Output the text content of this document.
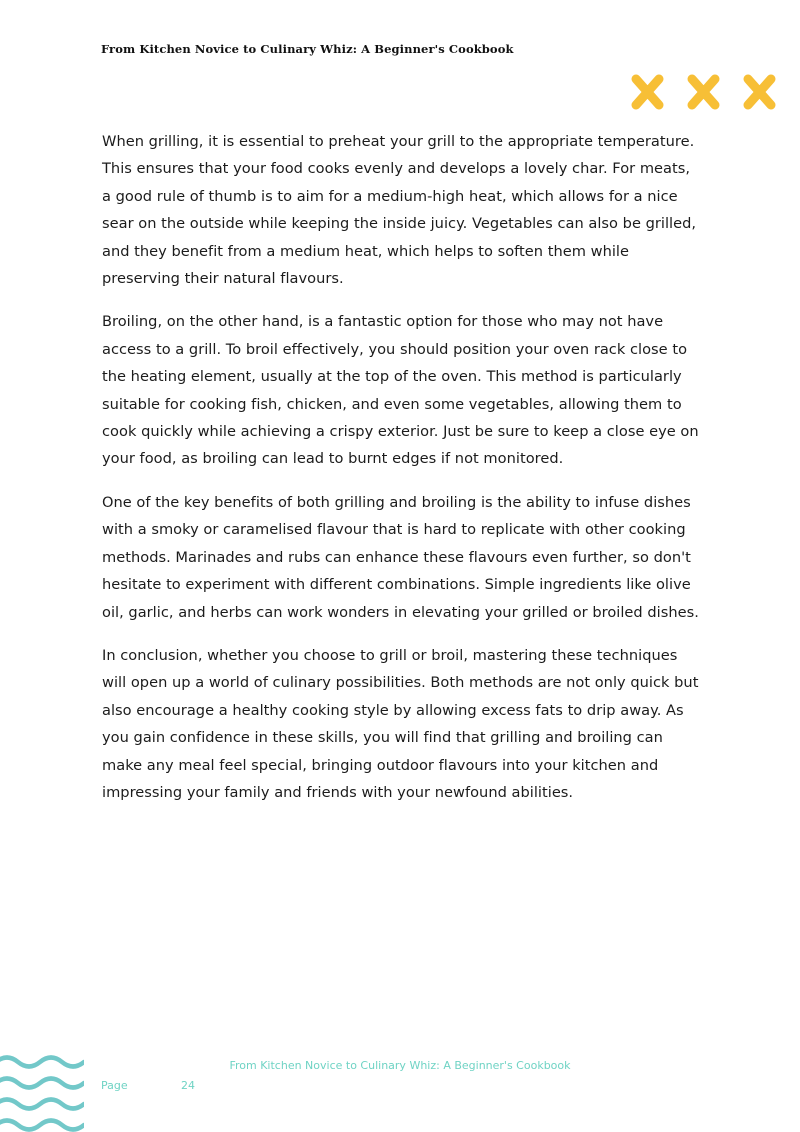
From Kitchen Novice to Culinary Whiz: A Beginner's Cookbook

When grilling, it is essential to preheat your grill to the appropriate temperature. This ensures that your food cooks evenly and develops a lovely char. For meats, a good rule of thumb is to aim for a medium-high heat, which allows for a nice sear on the outside while keeping the inside juicy. Vegetables can also be grilled, and they benefit from a medium heat, which helps to soften them while preserving their natural flavours.

Broiling, on the other hand, is a fantastic option for those who may not have access to a grill. To broil effectively, you should position your oven rack close to the heating element, usually at the top of the oven. This method is particularly suitable for cooking fish, chicken, and even some vegetables, allowing them to cook quickly while achieving a crispy exterior. Just be sure to keep a close eye on your food, as broiling can lead to burnt edges if not monitored.

One of the key benefits of both grilling and broiling is the ability to infuse dishes with a smoky or caramelised flavour that is hard to replicate with other cooking methods. Marinades and rubs can enhance these flavours even further, so don't hesitate to experiment with different combinations. Simple ingredients like olive oil, garlic, and herbs can work wonders in elevating your grilled or broiled dishes.

In conclusion, whether you choose to grill or broil, mastering these techniques will open up a world of culinary possibilities. Both methods are not only quick but also encourage a healthy cooking style by allowing excess fats to drip away. As you gain confidence in these skills, you will find that grilling and broiling can make any meal feel special, bringing outdoor flavours into your kitchen and impressing your family and friends with your newfound abilities.

From Kitchen Novice to Culinary Whiz: A Beginner's Cookbook
Page	24
